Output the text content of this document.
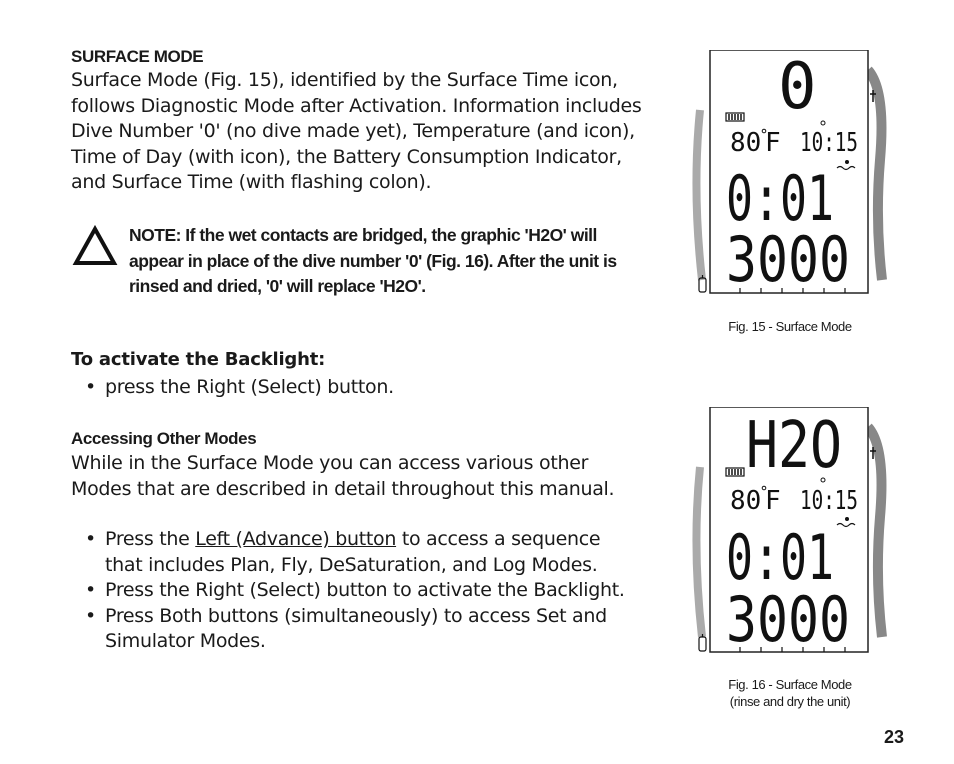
SURFACE MODE
Surface Mode (Fig. 15), identified by the Surface Time icon, follows Diagnostic Mode after Activation. Information includes Dive Number '0' (no dive made yet), Temperature (and icon), Time of Day (with icon), the Battery Consumption Indicator, and Surface Time (with flashing colon).
NOTE: If the wet contacts are bridged, the graphic 'H2O' will appear in place of the dive number '0' (Fig. 16). After the unit is rinsed and dried, '0' will replace 'H2O'.
To activate the Backlight:
• press the Right (Select) button.
Accessing Other Modes
While in the Surface Mode you can access various other Modes that are described in detail throughout this manual.
• Press the Left (Advance) button to access a sequence that includes Plan, Fly, DeSaturation, and Log Modes.
• Press the Right (Select) button to activate the Backlight.
• Press Both buttons (simultaneously) to access Set and Simulator Modes.
0
80 F 10:15
0:01
3000
Fig. 15 - Surface Mode
H2O
80 F 10:15
0:01
3000
Fig. 16 - Surface Mode
(rinse and dry the unit)
23
